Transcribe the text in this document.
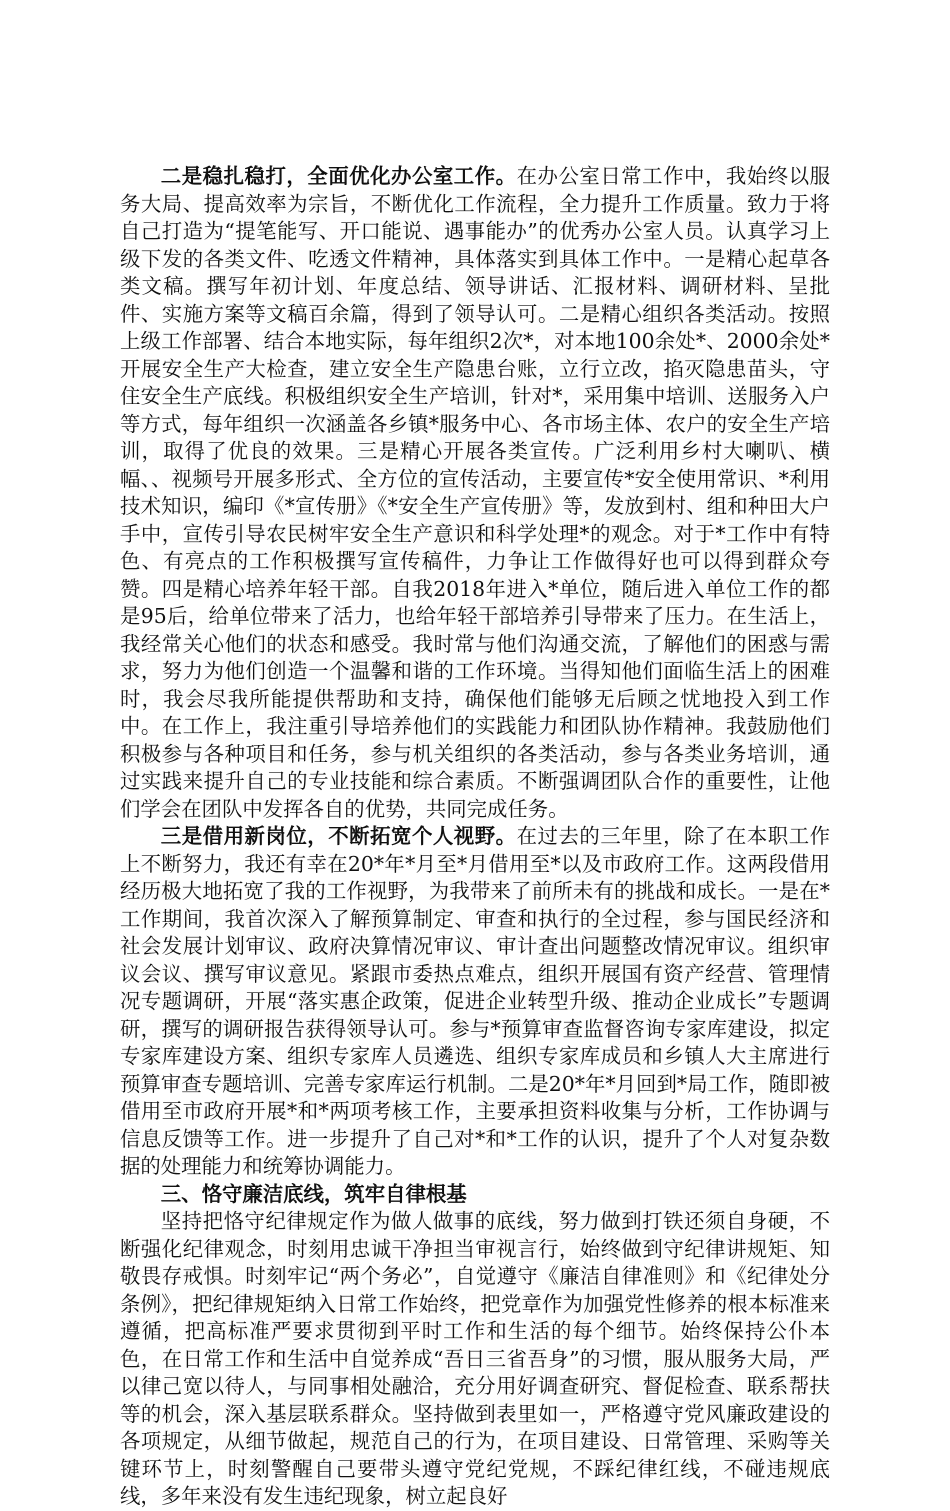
二是稳扎稳打，全面优化办公室工作。在办公室日常工作中，我始终以服务大局、提高效率为宗旨，不断优化工作流程，全力提升工作质量。致力于将自己打造为“提笔能写、开口能说、遇事能办”的优秀办公室人员。认真学习上级下发的各类文件、吃透文件精神，具体落实到具体工作中。一是精心起草各类文稿。撰写年初计划、年度总结、领导讲话、汇报材料、调研材料、呈批件、实施方案等文稿百余篇，得到了领导认可。二是精心组织各类活动。按照上级工作部署、结合本地实际，每年组织2次*，对本地100余处*、2000余处*开展安全生产大检查，建立安全生产隐患台账，立行立改，掐灭隐患苗头，守住安全生产底线。积极组织安全生产培训，针对*，采用集中培训、送服务入户等方式，每年组织一次涵盖各乡镇*服务中心、各市场主体、农户的安全生产培训，取得了优良的效果。三是精心开展各类宣传。广泛利用乡村大喇叭、横幅、、视频号开展多形式、全方位的宣传活动，主要宣传*安全使用常识、*利用技术知识，编印《*宣传册》《*安全生产宣传册》等，发放到村、组和种田大户手中，宣传引导农民树牢安全生产意识和科学处理*的观念。对于*工作中有特色、有亮点的工作积极撰写宣传稿件，力争让工作做得好也可以得到群众夸赞。四是精心培养年轻干部。自我2018年进入*单位，随后进入单位工作的都是95后，给单位带来了活力，也给年轻干部培养引导带来了压力。在生活上，我经常关心他们的状态和感受。我时常与他们沟通交流，了解他们的困惑与需求，努力为他们创造一个温馨和谐的工作环境。当得知他们面临生活上的困难时，我会尽我所能提供帮助和支持，确保他们能够无后顾之忧地投入到工作中。在工作上，我注重引导培养他们的实践能力和团队协作精神。我鼓励他们积极参与各种项目和任务，参与机关组织的各类活动，参与各类业务培训，通过实践来提升自己的专业技能和综合素质。不断强调团队合作的重要性，让他们学会在团队中发挥各自的优势，共同完成任务。

三是借用新岗位，不断拓宽个人视野。在过去的三年里，除了在本职工作上不断努力，我还有幸在20*年*月至*月借用至*以及市政府工作。这两段借用经历极大地拓宽了我的工作视野，为我带来了前所未有的挑战和成长。一是在*工作期间，我首次深入了解预算制定、审查和执行的全过程，参与国民经济和社会发展计划审议、政府决算情况审议、审计查出问题整改情况审议。组织审议会议、撰写审议意见。紧跟市委热点难点，组织开展国有资产经营、管理情况专题调研，开展“落实惠企政策，促进企业转型升级、推动企业成长”专题调研，撰写的调研报告获得领导认可。参与*预算审查监督咨询专家库建设，拟定专家库建设方案、组织专家库人员遴选、组织专家库成员和乡镇人大主席进行预算审查专题培训、完善专家库运行机制。二是20*年*月回到*局工作，随即被借用至市政府开展*和*两项考核工作，主要承担资料收集与分析，工作协调与信息反馈等工作。进一步提升了自己对*和*工作的认识，提升了个人对复杂数据的处理能力和统筹协调能力。

三、恪守廉洁底线，筑牢自律根基

坚持把恪守纪律规定作为做人做事的底线，努力做到打铁还须自身硬，不断强化纪律观念，时刻用忠诚干净担当审视言行，始终做到守纪律讲规矩、知敬畏存戒惧。时刻牢记“两个务必”，自觉遵守《廉洁自律准则》和《纪律处分条例》，把纪律规矩纳入日常工作始终，把党章作为加强党性修养的根本标准来遵循，把高标准严要求贯彻到平时工作和生活的每个细节。始终保持公仆本色，在日常工作和生活中自觉养成“吾日三省吾身”的习惯，服从服务大局，严以律己宽以待人，与同事相处融洽，充分用好调查研究、督促检查、联系帮扶等的机会，深入基层联系群众。坚持做到表里如一，严格遵守党风廉政建设的各项规定，从细节做起，规范自己的行为，在项目建设、日常管理、采购等关键环节上，时刻警醒自己要带头遵守党纪党规，不踩纪律红线，不碰违规底线，多年来没有发生违纪现象，树立起良好
